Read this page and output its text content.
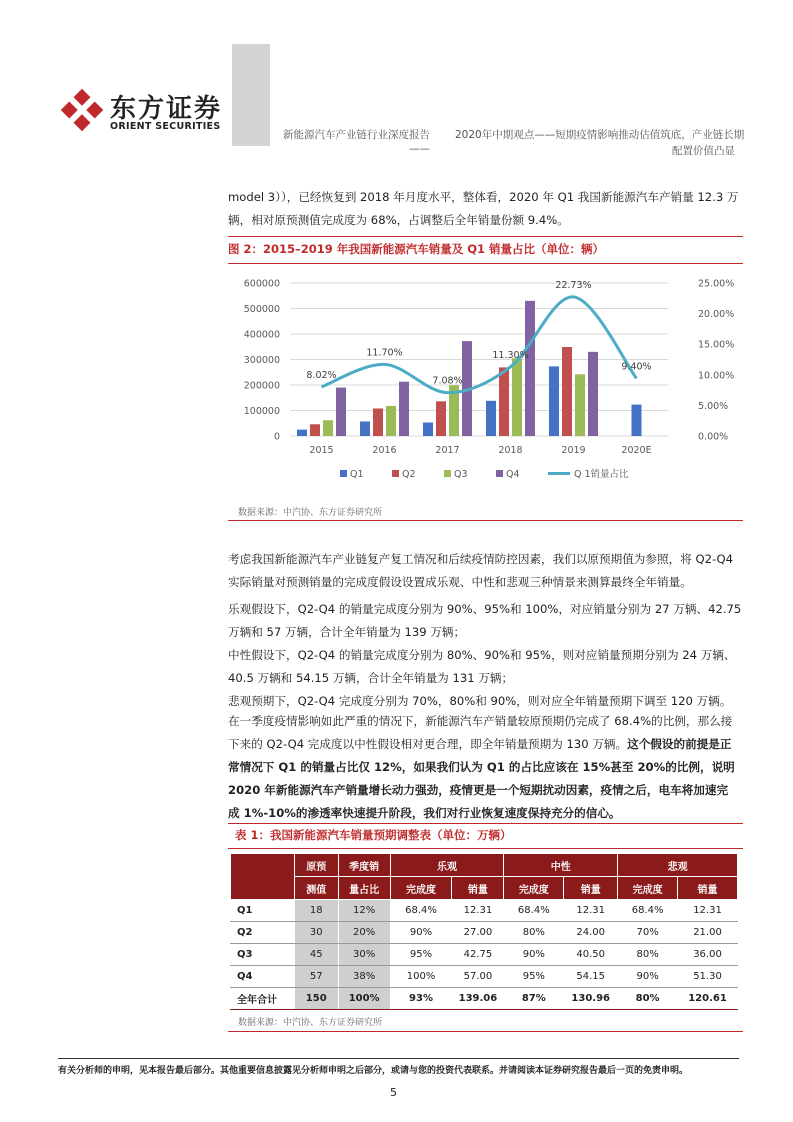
东方证券
ORIENT SECURITIES
新能源汽车产业链行业深度报告 2020年中期观点——短期疫情影响推动估值筑底，产业链长期
——	配置价值凸显
model 3）），已经恢复到 2018 年月度水平，整体看，2020 年 Q1 我国新能源汽车产销量 12.3 万
辆，相对原预测值完成度为 68%，占调整后全年销量份额 9.4%。
图 2：2015–2019 年我国新能源汽车销量及 Q1 销量占比（单位：辆）
0
100000
200000
300000
400000
500000
600000
0.00%
5.00%
10.00%
15.00%
20.00%
25.00%
2015	2016	2017	2018	2019	2020E
8.02%
11.70%
7.08%
11.30%
22.73%
9.40%
Q1	Q2	Q3	Q4	Q 1销量占比
数据来源：中汽协、东方证券研究所
考虑我国新能源汽车产业链复产复工情况和后续疫情防控因素，我们以原预期值为参照，将 Q2-Q4
实际销量对预测销量的完成度假设设置成乐观、中性和悲观三种情景来测算最终全年销量。
乐观假设下，Q2-Q4 的销量完成度分别为 90%、95%和 100%，对应销量分别为 27 万辆、42.75
万辆和 57 万辆，合计全年销量为 139 万辆；
中性假设下，Q2-Q4 的销量完成度分别为 80%、90%和 95%，则对应销量预期分别为 24 万辆、
40.5 万辆和 54.15 万辆，合计全年销量为 131 万辆；
悲观预期下，Q2-Q4 完成度分别为 70%，80%和 90%，则对应全年销量预期下调至 120 万辆。
在一季度疫情影响如此严重的情况下，新能源汽车产销量较原预期仍完成了 68.4%的比例，那么接
下来的 Q2-Q4 完成度以中性假设相对更合理，即全年销量预期为 130 万辆。这个假设的前提是正
常情况下 Q1 的销量占比仅 12%，如果我们认为 Q1 的占比应该在 15%甚至 20%的比例，说明
2020 年新能源汽车产销量增长动力强劲，疫情更是一个短期扰动因素，疫情之后，电车将加速完
成 1%-10%的渗透率快速提升阶段，我们对行业恢复速度保持充分的信心。
表 1：我国新能源汽车销量预期调整表（单位：万辆）
	原预	季度销	乐观		中性		悲观	
	测值	量占比	完成度	销量	完成度	销量	完成度	销量
Q1	18	12%	68.4%	12.31	68.4%	12.31	68.4%	12.31
Q2	30	20%	90%	27.00	80%	24.00	70%	21.00
Q3	45	30%	95%	42.75	90%	40.50	80%	36.00
Q4	57	38%	100%	57.00	95%	54.15	90%	51.30
全年合计	150	100%	93%	139.06	87%	130.96	80%	120.61
数据来源：中汽协、东方证券研究所
有关分析师的申明，见本报告最后部分。其他重要信息披露见分析师申明之后部分，或请与您的投资代表联系。并请阅读本证券研究报告最后一页的免责申明。
5
